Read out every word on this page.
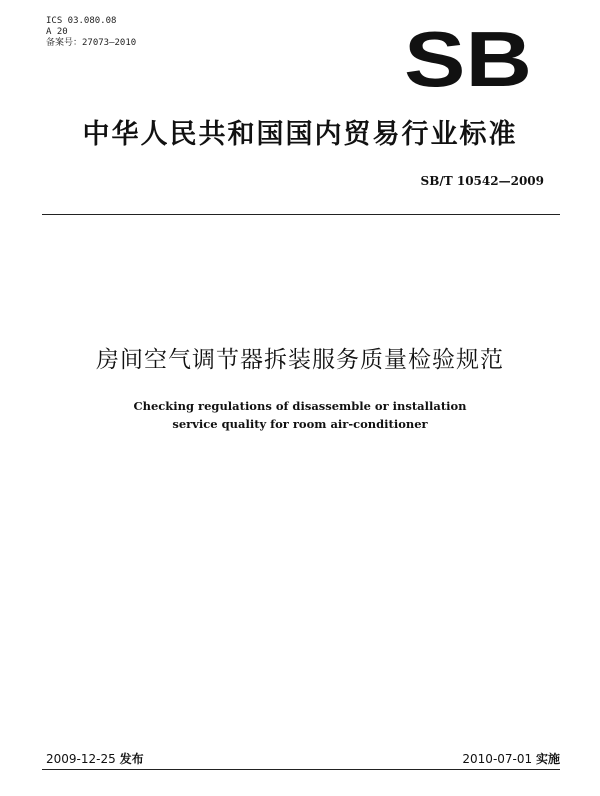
ICS 03.080.08
A 20
备案号：27073—2010	SB
中华人民共和国国内贸易行业标准
SB/T 10542—2009
房间空气调节器拆装服务质量检验规范
Checking regulations of disassemble or installation
service quality for room air-conditioner
2009-12-25 发布	2010-07-01 实施
